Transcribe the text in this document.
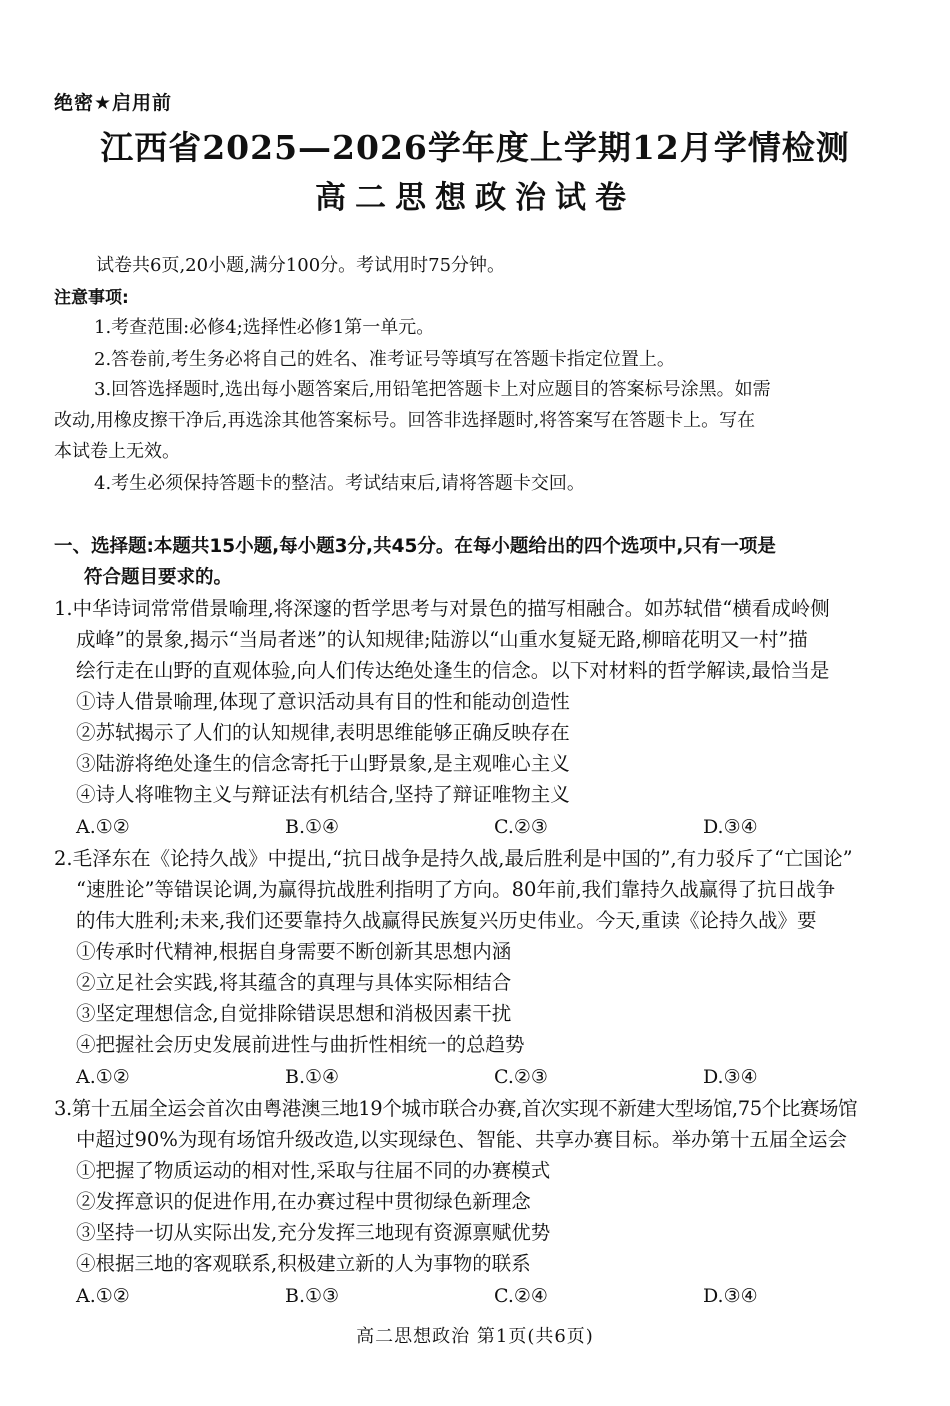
绝密★启用前
江西省2025—2026学年度上学期12月学情检测
高二思想政治试卷
试卷共6页,20小题,满分100分。考试用时75分钟。
注意事项:
1.考查范围:必修4;选择性必修1第一单元。
2.答卷前,考生务必将自己的姓名、准考证号等填写在答题卡指定位置上。
3.回答选择题时,选出每小题答案后,用铅笔把答题卡上对应题目的答案标号涂黑。如需
改动,用橡皮擦干净后,再选涂其他答案标号。回答非选择题时,将答案写在答题卡上。写在
本试卷上无效。
4.考生必须保持答题卡的整洁。考试结束后,请将答题卡交回。
一、选择题:本题共15小题,每小题3分,共45分。在每小题给出的四个选项中,只有一项是
符合题目要求的。
1.中华诗词常常借景喻理,将深邃的哲学思考与对景色的描写相融合。如苏轼借“横看成岭侧
成峰”的景象,揭示“当局者迷”的认知规律;陆游以“山重水复疑无路,柳暗花明又一村”描
绘行走在山野的直观体验,向人们传达绝处逢生的信念。以下对材料的哲学解读,最恰当是
①诗人借景喻理,体现了意识活动具有目的性和能动创造性
②苏轼揭示了人们的认知规律,表明思维能够正确反映存在
③陆游将绝处逢生的信念寄托于山野景象,是主观唯心主义
④诗人将唯物主义与辩证法有机结合,坚持了辩证唯物主义
A.①②	B.①④	C.②③	D.③④
2.毛泽东在《论持久战》中提出,“抗日战争是持久战,最后胜利是中国的”,有力驳斥了“亡国论”
“速胜论”等错误论调,为赢得抗战胜利指明了方向。80年前,我们靠持久战赢得了抗日战争
的伟大胜利;未来,我们还要靠持久战赢得民族复兴历史伟业。今天,重读《论持久战》要
①传承时代精神,根据自身需要不断创新其思想内涵
②立足社会实践,将其蕴含的真理与具体实际相结合
③坚定理想信念,自觉排除错误思想和消极因素干扰
④把握社会历史发展前进性与曲折性相统一的总趋势
A.①②	B.①④	C.②③	D.③④
3.第十五届全运会首次由粤港澳三地19个城市联合办赛,首次实现不新建大型场馆,75个比赛场馆
中超过90%为现有场馆升级改造,以实现绿色、智能、共享办赛目标。举办第十五届全运会
①把握了物质运动的相对性,采取与往届不同的办赛模式
②发挥意识的促进作用,在办赛过程中贯彻绿色新理念
③坚持一切从实际出发,充分发挥三地现有资源禀赋优势
④根据三地的客观联系,积极建立新的人为事物的联系
A.①②	B.①③	C.②④	D.③④
高二思想政治 第1页(共6页)
